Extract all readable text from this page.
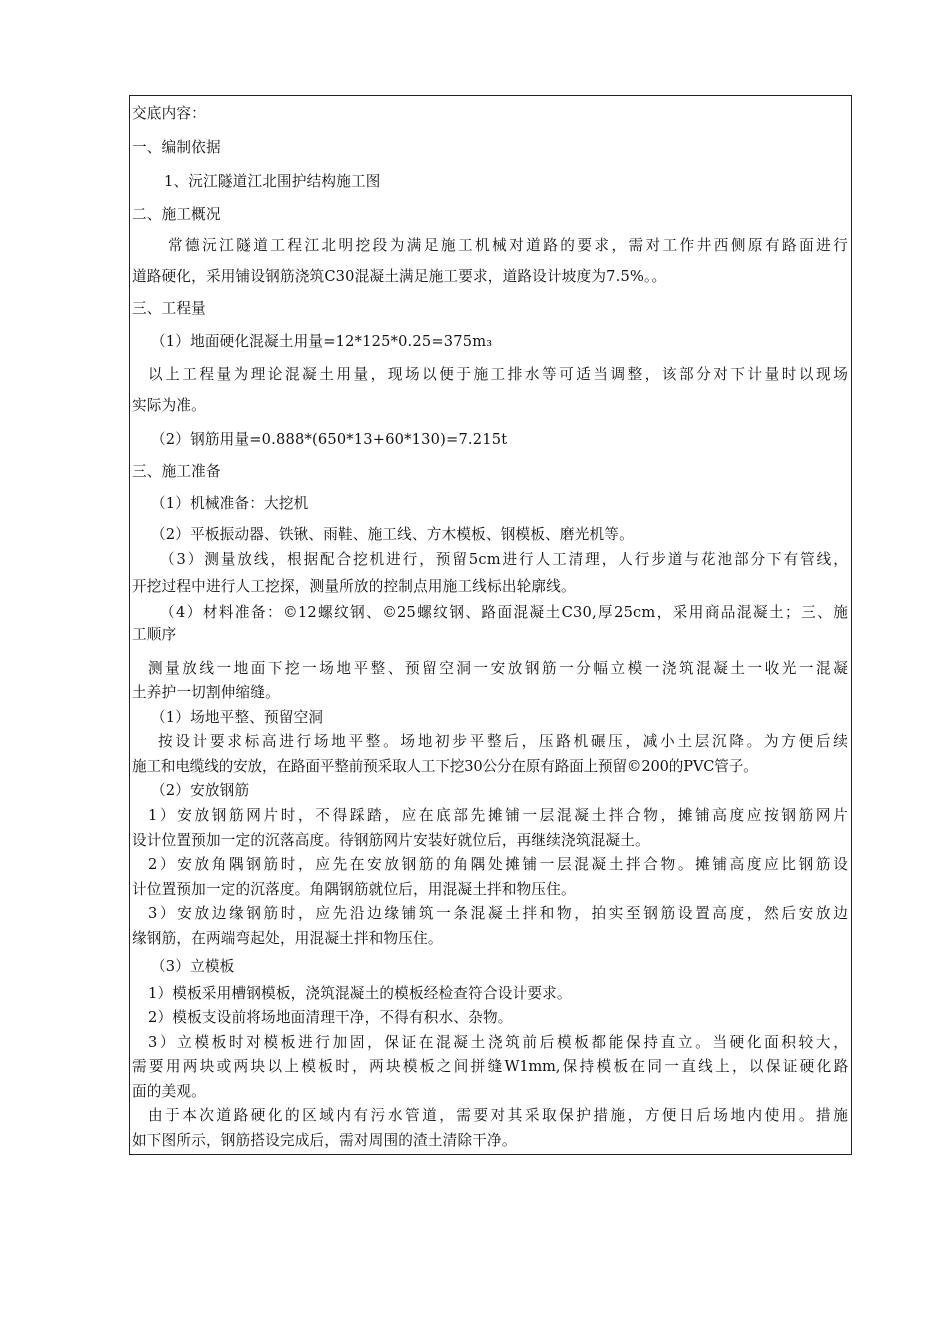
交底内容：
一、编制依据
1、沅江隧道江北围护结构施工图
二、施工概况
常德沅江隧道工程江北明挖段为满足施工机械对道路的要求，需对工作井西侧原有路面进行
道路硬化，采用铺设钢筋浇筑C30混凝土满足施工要求，道路设计坡度为7.5%。。
三、工程量
（1）地面硬化混凝土用量=12*125*0.25=375m₃
以上工程量为理论混凝土用量，现场以便于施工排水等可适当调整，该部分对下计量时以现场
实际为准。
（2）钢筋用量=0.888*(650*13+60*130)=7.215t
三、施工准备
（1）机械准备：大挖机
（2）平板振动器、铁锹、雨鞋、施工线、方木模板、钢模板、磨光机等。
（3）测量放线，根据配合挖机进行，预留5cm进行人工清理，人行步道与花池部分下有管线，
开挖过程中进行人工挖探，测量所放的控制点用施工线标出轮廓线。
（4）材料准备：©12螺纹钢、©25螺纹钢、路面混凝土C30,厚25cm，采用商品混凝土；三、施
工顺序
测量放线一地面下挖一场地平整、预留空洞一安放钢筋一分幅立模一浇筑混凝土一收光一混凝
土养护一切割伸缩缝。
（1）场地平整、预留空洞
按设计要求标高进行场地平整。场地初步平整后，压路机碾压，减小土层沉降。为方便后续
施工和电缆线的安放，在路面平整前预采取人工下挖30公分在原有路面上预留©200的PVC管子。
（2）安放钢筋
1）安放钢筋网片时，不得踩踏，应在底部先摊铺一层混凝土拌合物，摊铺高度应按钢筋网片
设计位置预加一定的沉落高度。待钢筋网片安装好就位后，再继续浇筑混凝土。
2）安放角隅钢筋时，应先在安放钢筋的角隅处摊铺一层混凝土拌合物。摊铺高度应比钢筋设
计位置预加一定的沉落度。角隅钢筋就位后，用混凝土拌和物压住。
3）安放边缘钢筋时，应先沿边缘铺筑一条混凝土拌和物，拍实至钢筋设置高度，然后安放边
缘钢筋，在两端弯起处，用混凝土拌和物压住。
（3）立模板
1）模板采用槽钢模板，浇筑混凝土的模板经检查符合设计要求。
2）模板支设前将场地面清理干净，不得有积水、杂物。
3）立模板时对模板进行加固，保证在混凝土浇筑前后模板都能保持直立。当硬化面积较大，
需要用两块或两块以上模板时，两块模板之间拼缝W1mm,保持模板在同一直线上，以保证硬化路
面的美观。
由于本次道路硬化的区域内有污水管道，需要对其采取保护措施，方便日后场地内使用。措施
如下图所示，钢筋搭设完成后，需对周围的渣土清除干净。
